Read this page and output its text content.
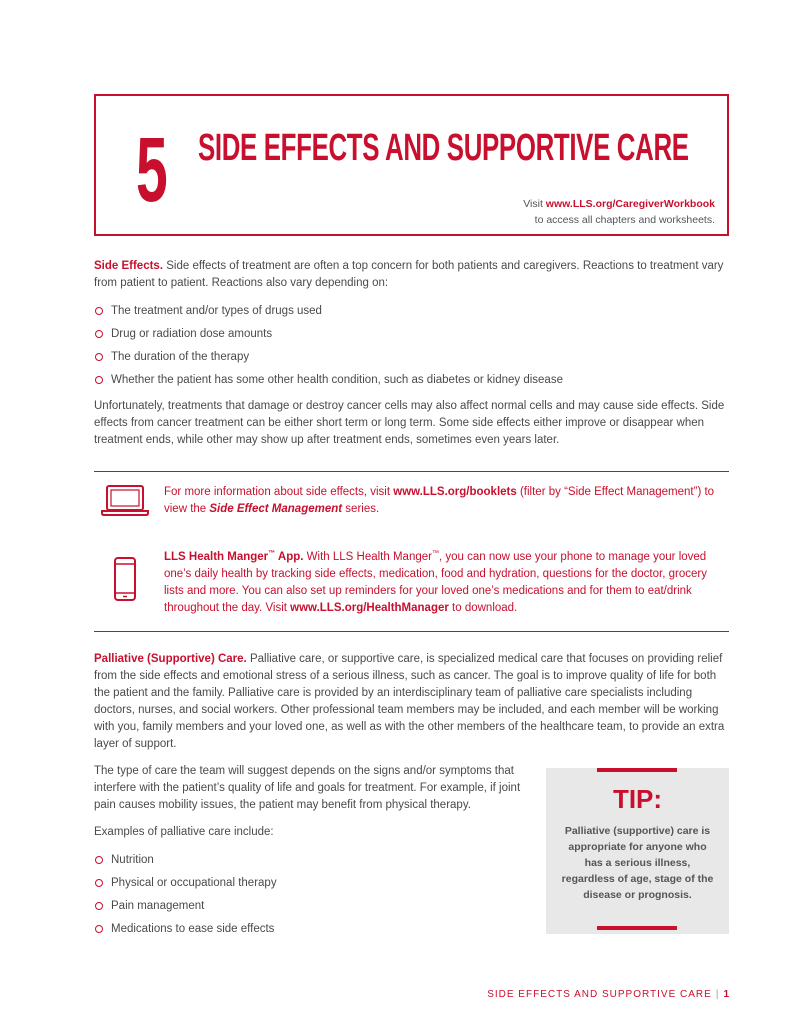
5 SIDE EFFECTS AND SUPPORTIVE CARE
Visit www.LLS.org/CaregiverWorkbook
to access all chapters and worksheets.

Side Effects. Side effects of treatment are often a top concern for both patients and caregivers. Reactions to treatment vary from patient to patient. Reactions also vary depending on:

The treatment and/or types of drugs used
Drug or radiation dose amounts
The duration of the therapy
Whether the patient has some other health condition, such as diabetes or kidney disease

Unfortunately, treatments that damage or destroy cancer cells may also affect normal cells and may cause side effects. Side effects from cancer treatment can be either short term or long term. Some side effects either improve or disappear when treatment ends, while other may show up after treatment ends, sometimes even years later.

For more information about side effects, visit www.LLS.org/booklets (filter by “Side Effect Management”) to view the Side Effect Management series.

LLS Health Manger™ App. With LLS Health Manger™, you can now use your phone to manage your loved one’s daily health by tracking side effects, medication, food and hydration, questions for the doctor, grocery lists and more. You can also set up reminders for your loved one’s medications and for them to eat/drink throughout the day. Visit www.LLS.org/HealthManager to download.

Palliative (Supportive) Care. Palliative care, or supportive care, is specialized medical care that focuses on providing relief from the side effects and emotional stress of a serious illness, such as cancer. The goal is to improve quality of life for both the patient and the family. Palliative care is provided by an interdisciplinary team of palliative care specialists including doctors, nurses, and social workers. Other professional team members may be included, and each member will be working with you, family members and your loved one, as well as with the other members of the healthcare team, to provide an extra layer of support.

The type of care the team will suggest depends on the signs and/or symptoms that interfere with the patient’s quality of life and goals for treatment. For example, if joint pain causes mobility issues, the patient may benefit from physical therapy.

Examples of palliative care include:

Nutrition
Physical or occupational therapy
Pain management
Medications to ease side effects
TIP:
Palliative (supportive) care is appropriate for anyone who has a serious illness, regardless of age, stage of the disease or prognosis.
SIDE EFFECTS AND SUPPORTIVE CARE | 1
